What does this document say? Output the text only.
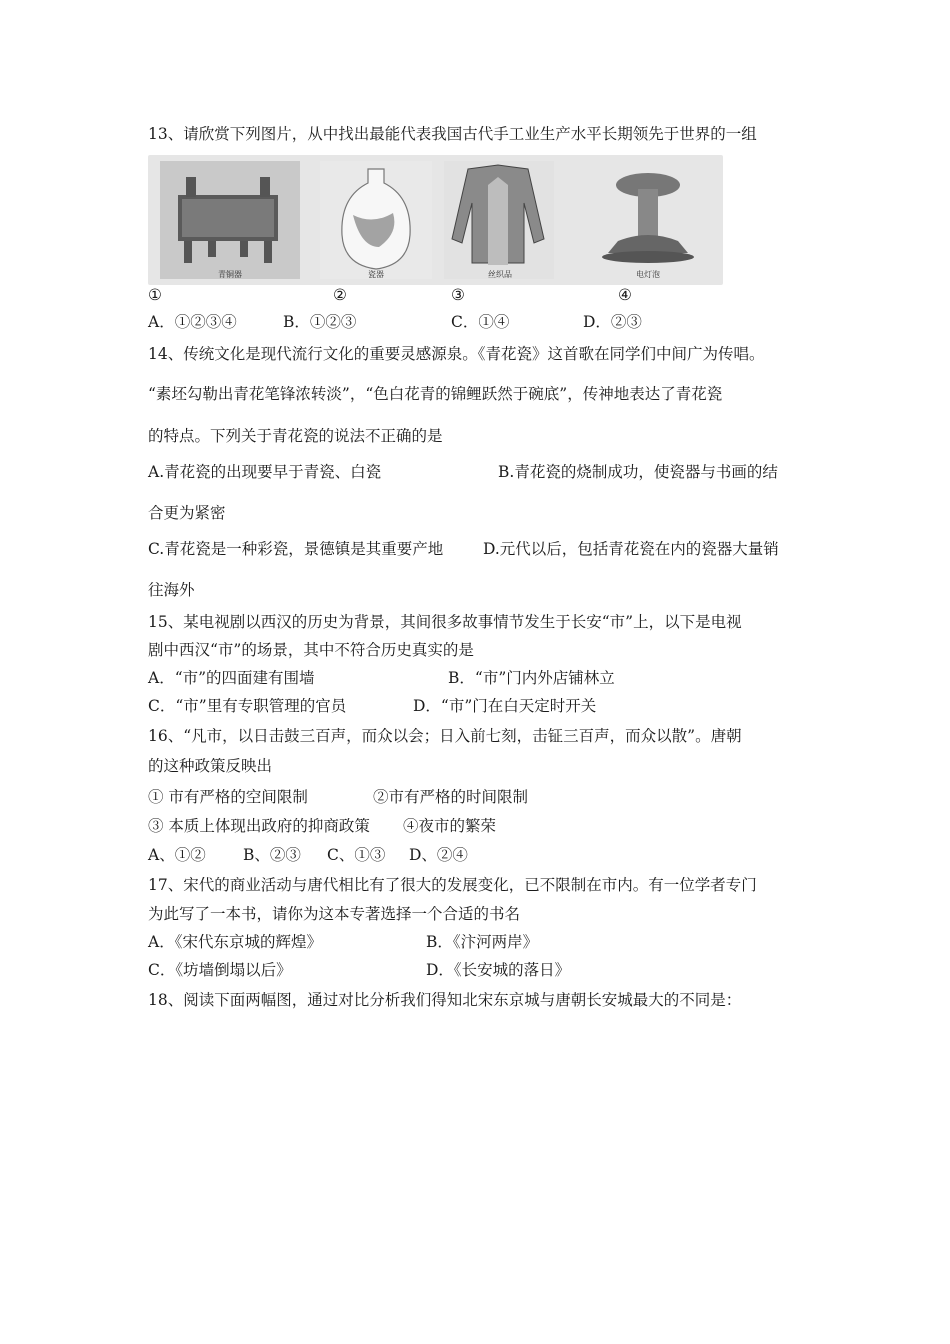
13、请欣赏下列图片，从中找出最能代表我国古代手工业生产水平长期领先于世界的一组
青铜器	瓷器	丝织品	电灯泡
①	②	③	④
A．①②③④	B．①②③	C．①④	D．②③
14、传统文化是现代流行文化的重要灵感源泉。《青花瓷》这首歌在同学们中间广为传唱。
“素坯勾勒出青花笔锋浓转淡”，“色白花青的锦鲤跃然于碗底”，传神地表达了青花瓷
的特点。下列关于青花瓷的说法不正确的是
A.青花瓷的出现要早于青瓷、白瓷	B.青花瓷的烧制成功，使瓷器与书画的结
合更为紧密
C.青花瓷是一种彩瓷，景德镇是其重要产地	D.元代以后，包括青花瓷在内的瓷器大量销
往海外
15、某电视剧以西汉的历史为背景，其间很多故事情节发生于长安“市”上，以下是电视
剧中西汉“市”的场景，其中不符合历史真实的是
A．“市”的四面建有围墙	B．“市”门内外店铺林立
C．“市”里有专职管理的官员	D．“市”门在白天定时开关
16、“凡市，以日击鼓三百声，而众以会；日入前七刻，击钲三百声，而众以散”。唐朝
的这种政策反映出
① 市有严格的空间限制	②市有严格的时间限制
③ 本质上体现出政府的抑商政策 ④夜市的繁荣
A、①② B、②③ C、①③ D、②④
17、宋代的商业活动与唐代相比有了很大的发展变化，已不限制在市内。有一位学者专门
为此写了一本书，请你为这本专著选择一个合适的书名
A．《宋代东京城的辉煌》	B．《汴河两岸》
C．《坊墙倒塌以后》	D．《长安城的落日》
18、阅读下面两幅图，通过对比分析我们得知北宋东京城与唐朝长安城最大的不同是：
